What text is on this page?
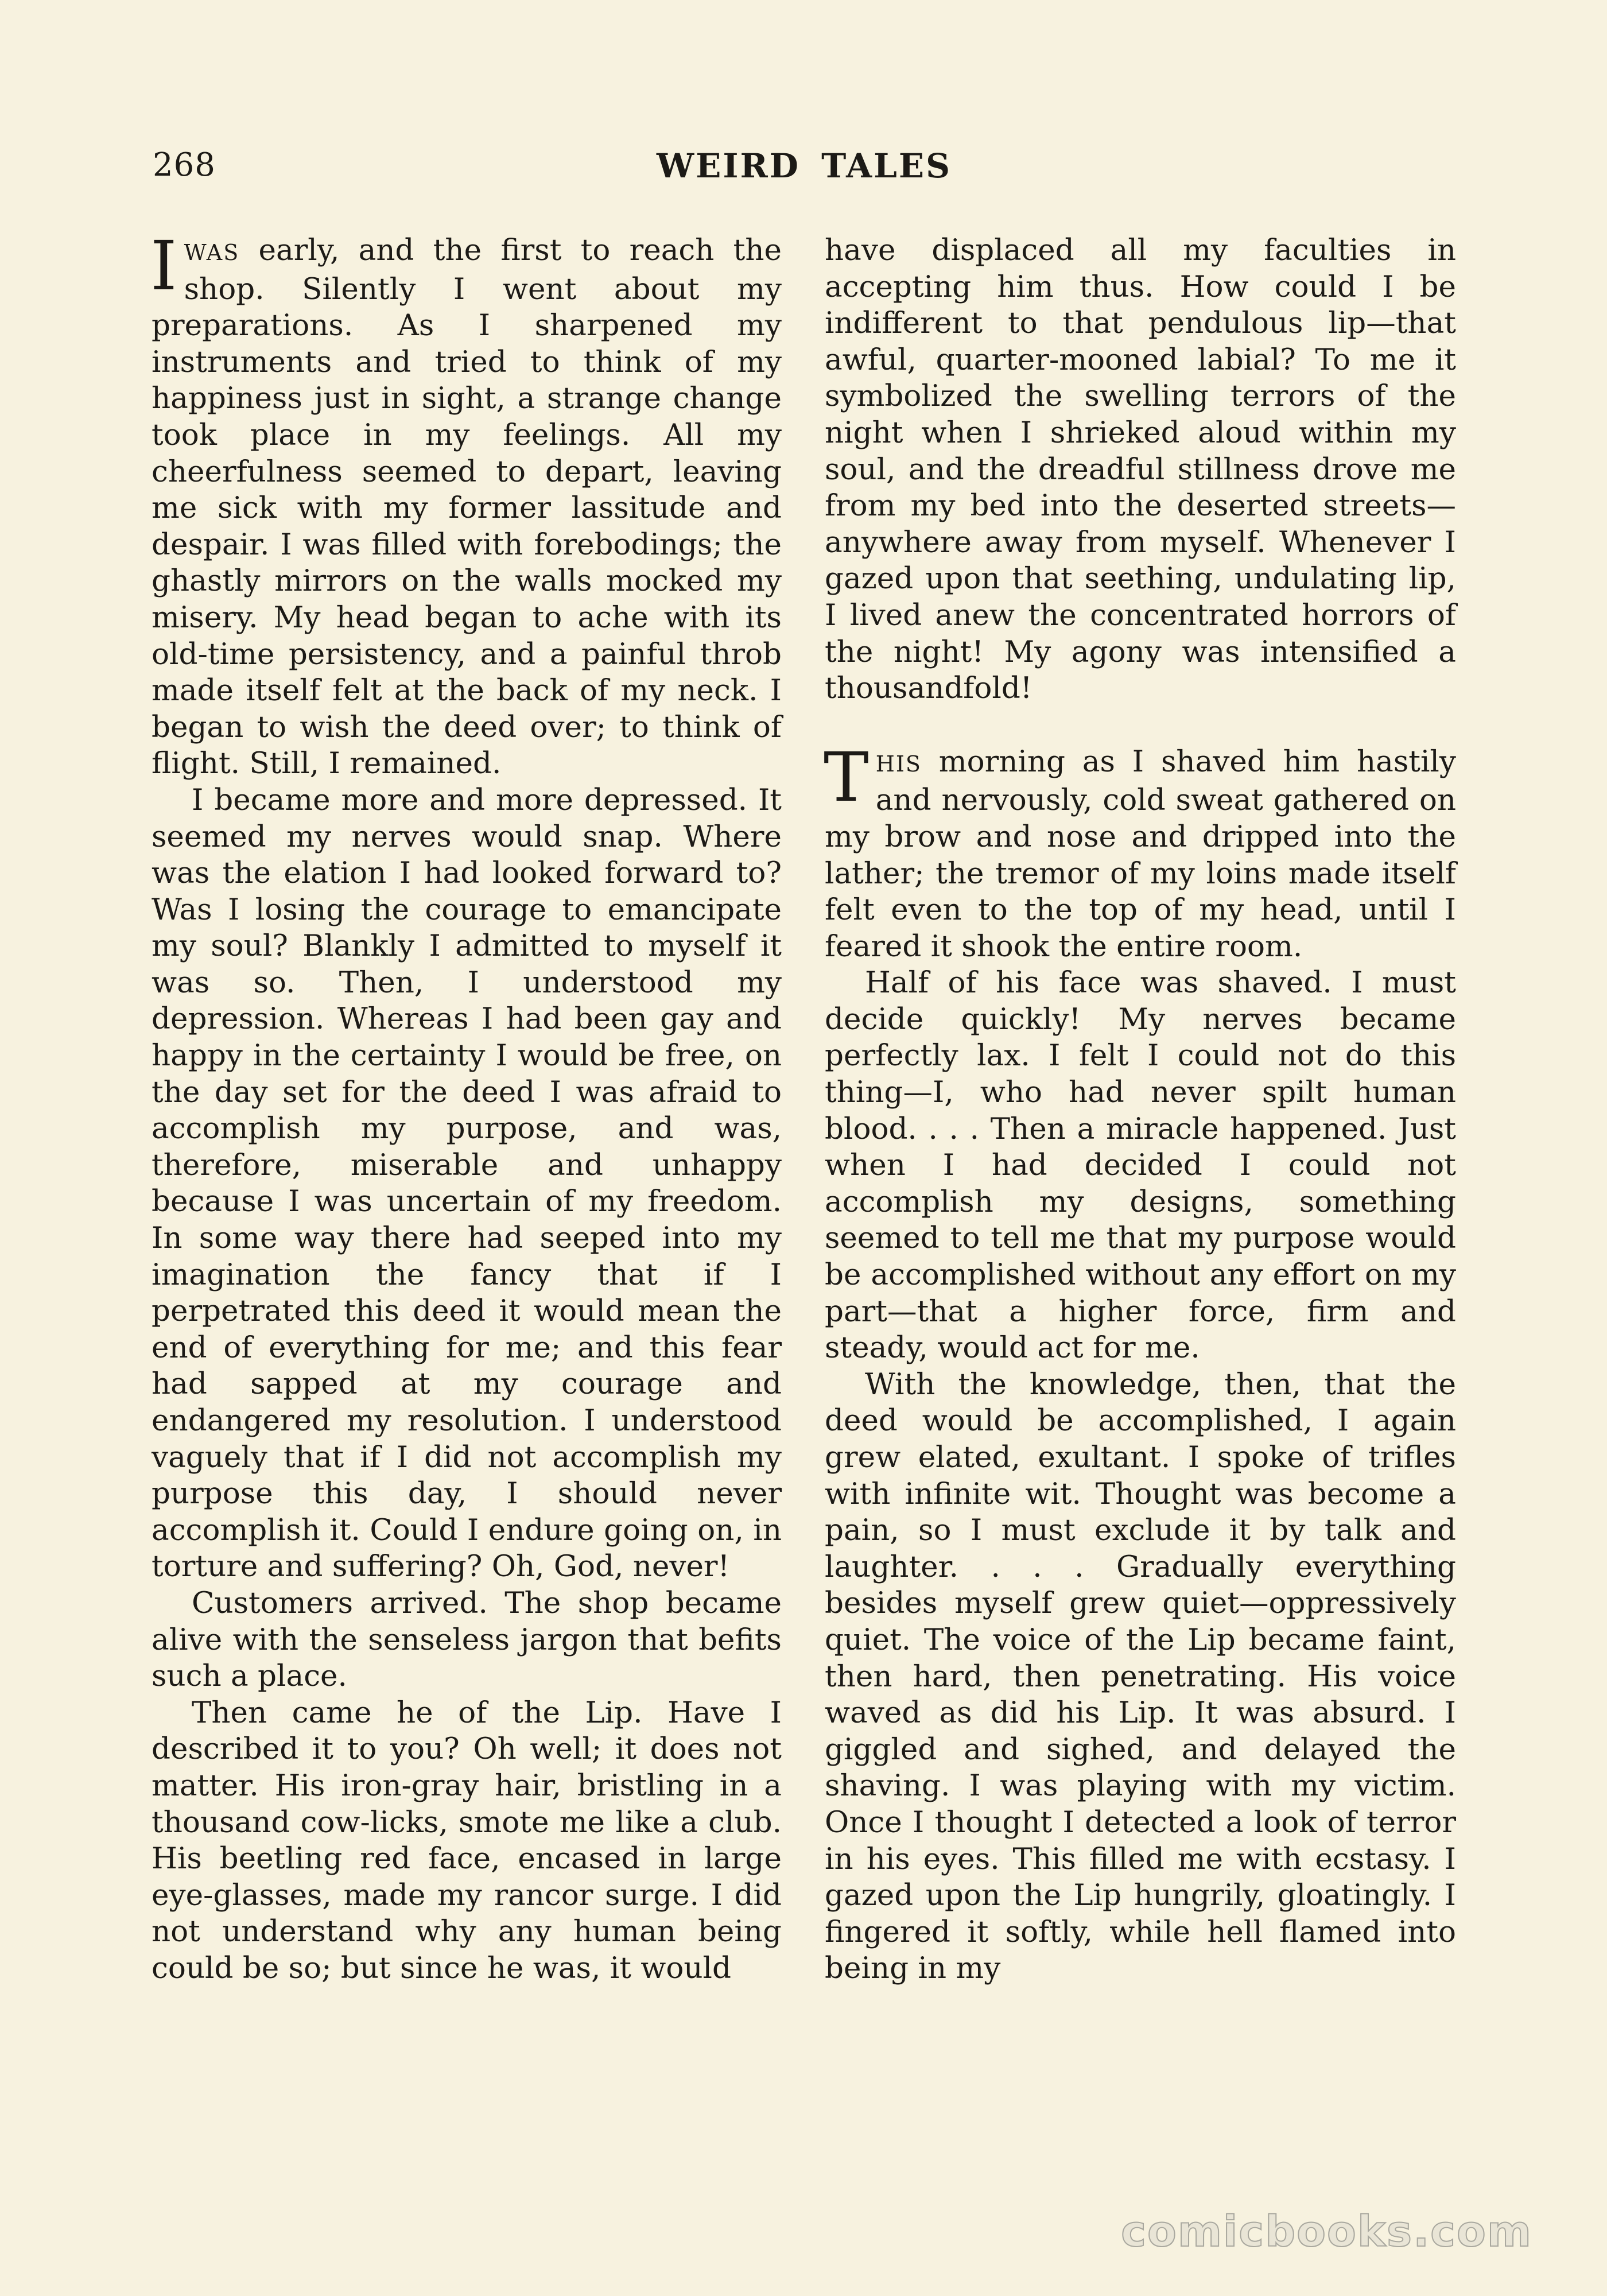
268	WEIRD TALES

IWAS early, and the first to reach the shop. Silently I went about my preparations. As I sharpened my instruments and tried to think of my happiness just in sight, a strange change took place in my feelings. All my cheerfulness seemed to depart, leaving me sick with my former lassitude and despair. I was filled with forebodings; the ghastly mirrors on the walls mocked my misery. My head began to ache with its old-time persistency, and a painful throb made itself felt at the back of my neck. I began to wish the deed over; to think of flight. Still, I remained.

I became more and more depressed. It seemed my nerves would snap. Where was the elation I had looked forward to? Was I losing the courage to emancipate my soul? Blankly I admitted to myself it was so. Then, I understood my depression. Whereas I had been gay and happy in the certainty I would be free, on the day set for the deed I was afraid to accomplish my purpose, and was, therefore, miserable and unhappy because I was uncertain of my freedom. In some way there had seeped into my imagination the fancy that if I perpetrated this deed it would mean the end of everything for me; and this fear had sapped at my courage and endangered my resolution. I understood vaguely that if I did not accomplish my purpose this day, I should never accomplish it. Could I endure going on, in torture and suffering? Oh, God, never!

Customers arrived. The shop became alive with the senseless jargon that befits such a place.

Then came he of the Lip. Have I described it to you? Oh well; it does not matter. His iron-gray hair, bristling in a thousand cow-licks, smote me like a club. His beetling red face, encased in large eye-glasses, made my rancor surge. I did not understand why any human being could be so; but since he was, it would

have displaced all my faculties in accepting him thus. How could I be indifferent to that pendulous lip—that awful, quarter-mooned labial? To me it symbolized the swelling terrors of the night when I shrieked aloud within my soul, and the dreadful stillness drove me from my bed into the deserted streets—anywhere away from myself. Whenever I gazed upon that seething, undulating lip, I lived anew the concentrated horrors of the night! My agony was intensified a thousandfold!

THIS morning as I shaved him hastily and nervously, cold sweat gathered on my brow and nose and dripped into the lather; the tremor of my loins made itself felt even to the top of my head, until I feared it shook the entire room.

Half of his face was shaved. I must decide quickly! My nerves became perfectly lax. I felt I could not do this thing—I, who had never spilt human blood. . . . Then a miracle happened. Just when I had decided I could not accomplish my designs, something seemed to tell me that my purpose would be accomplished without any effort on my part—that a higher force, firm and steady, would act for me.

With the knowledge, then, that the deed would be accomplished, I again grew elated, exultant. I spoke of trifles with infinite wit. Thought was become a pain, so I must exclude it by talk and laughter. . . . Gradually everything besides myself grew quiet—oppressively quiet. The voice of the Lip became faint, then hard, then penetrating. His voice waved as did his Lip. It was absurd. I giggled and sighed, and delayed the shaving. I was playing with my victim. Once I thought I detected a look of terror in his eyes. This filled me with ecstasy. I gazed upon the Lip hungrily, gloatingly. I fingered it softly, while hell flamed into being in my

comicbooks.com
